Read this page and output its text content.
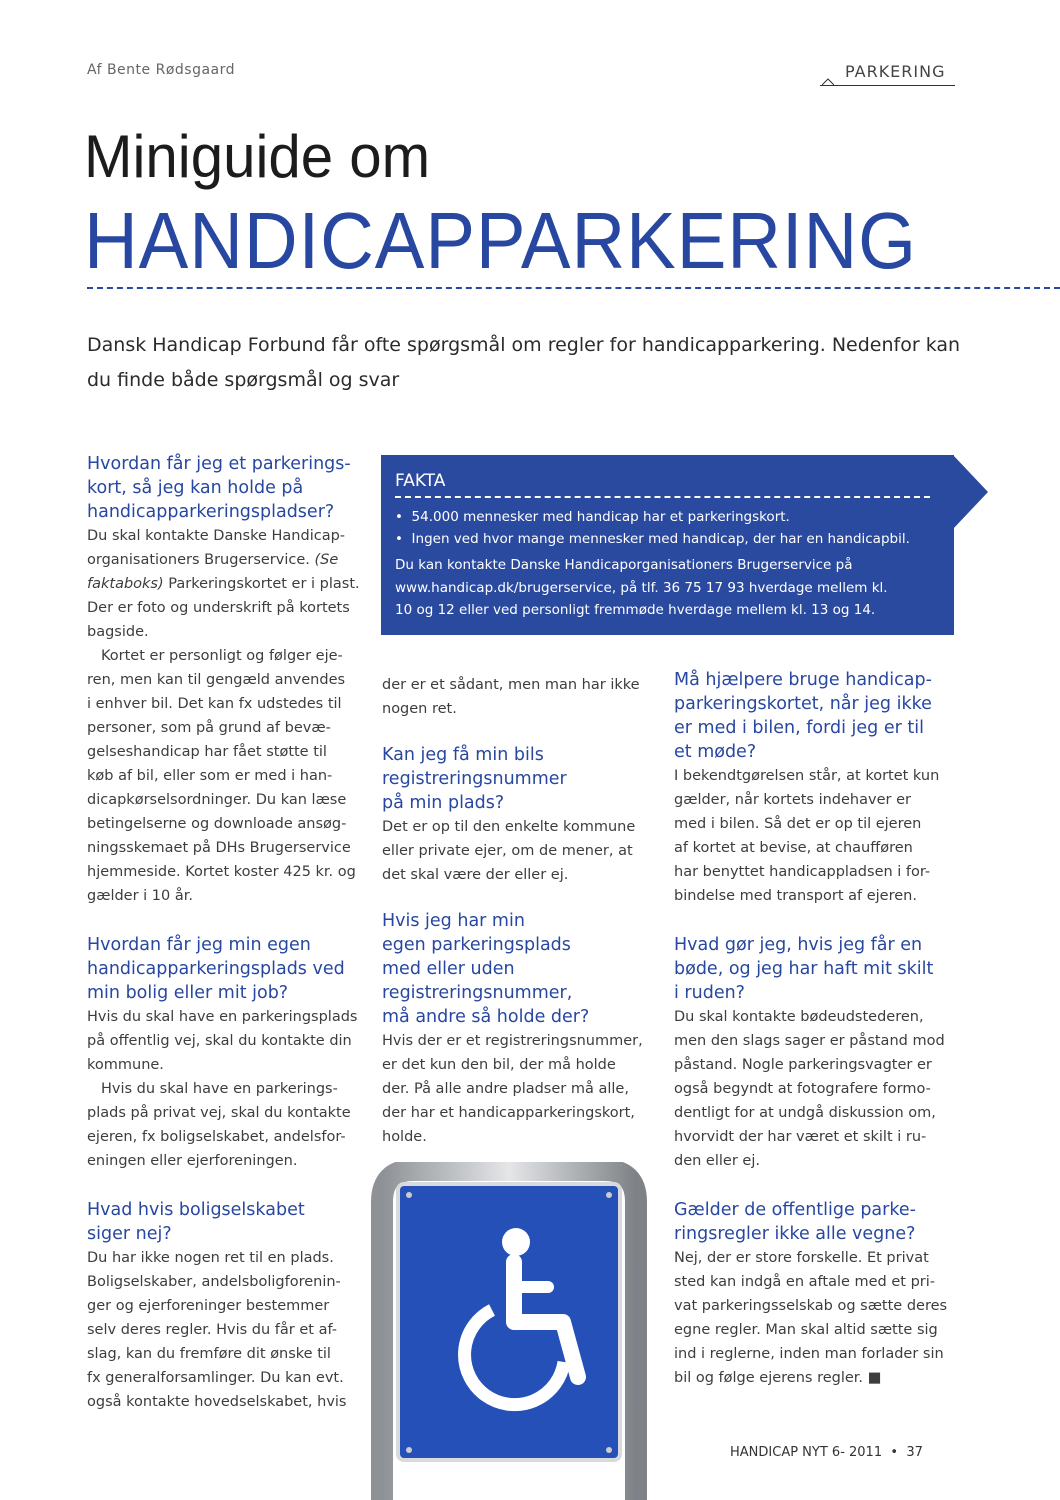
Af Bente Rødsgaard	PARKERING
Miniguide om
HANDICAPPARKERING
Dansk Handicap Forbund får ofte spørgsmål om regler for handicapparkering. Nedenfor kan du finde både spørgsmål og svar
FAKTA
•  54.000 mennesker med handicap har et parkeringskort.
•  Ingen ved hvor mange mennesker med handicap, der har en handicapbil.
Du kan kontakte Danske Handicaporganisationers Brugerservice på
www.handicap.dk/brugerservice, på tlf. 36 75 17 93 hverdage mellem kl.
10 og 12 eller ved personligt fremmøde hverdage mellem kl. 13 og 14.
Hvordan får jeg et parkerings-
kort, så jeg kan holde på
handicapparkeringspladser?
Du skal kontakte Danske Handicap-
organisationers Brugerservice. (Se
faktaboks) Parkeringskortet er i plast.
Der er foto og underskrift på kortets
bagside.
Kortet er personligt og følger eje-
ren, men kan til gengæld anvendes
i enhver bil. Det kan fx udstedes til
personer, som på grund af bevæ-
gelseshandicap har fået støtte til
køb af bil, eller som er med i han-
dicapkørselsordninger. Du kan læse
betingelserne og downloade ansøg-
ningsskemaet på DHs Brugerservice
hjemmeside. Kortet koster 425 kr. og
gælder i 10 år.
Hvordan får jeg min egen
handicapparkeringsplads ved
min bolig eller mit job?
Hvis du skal have en parkeringsplads
på offentlig vej, skal du kontakte din
kommune.
Hvis du skal have en parkerings-
plads på privat vej, skal du kontakte
ejeren, fx boligselskabet, andelsfor-
eningen eller ejerforeningen.
Hvad hvis boligselskabet
siger nej?
Du har ikke nogen ret til en plads.
Boligselskaber, andelsboligforenin-
ger og ejerforeninger bestemmer
selv deres regler. Hvis du får et af-
slag, kan du fremføre dit ønske til
fx generalforsamlinger. Du kan evt.
også kontakte hovedselskabet, hvis
der er et sådant, men man har ikke
nogen ret.
Kan jeg få min bils
registreringsnummer
på min plads?
Det er op til den enkelte kommune
eller private ejer, om de mener, at
det skal være der eller ej.
Hvis jeg har min
egen parkeringsplads
med eller uden
registreringsnummer,
må andre så holde der?
Hvis der er et registreringsnummer,
er det kun den bil, der må holde
der. På alle andre pladser må alle,
der har et handicapparkeringskort,
holde.
Må hjælpere bruge handicap-
parkeringskortet, når jeg ikke
er med i bilen, fordi jeg er til
et møde?
I bekendtgørelsen står, at kortet kun
gælder, når kortets indehaver er
med i bilen. Så det er op til ejeren
af kortet at bevise, at chaufføren
har benyttet handicappladsen i for-
bindelse med transport af ejeren.
Hvad gør jeg, hvis jeg får en
bøde, og jeg har haft mit skilt
i ruden?
Du skal kontakte bødeudstederen,
men den slags sager er påstand mod
påstand. Nogle parkeringsvagter er
også begyndt at fotografere formo-
dentligt for at undgå diskussion om,
hvorvidt der har været et skilt i ru-
den eller ej.
Gælder de offentlige parke-
ringsregler ikke alle vegne?
Nej, der er store forskelle. Et privat
sted kan indgå en aftale med et pri-
vat parkeringsselskab og sætte deres
egne regler. Man skal altid sætte sig
ind i reglerne, inden man forlader sin
bil og følge ejerens regler. ■
HANDICAP NYT 6- 2011 • 37
